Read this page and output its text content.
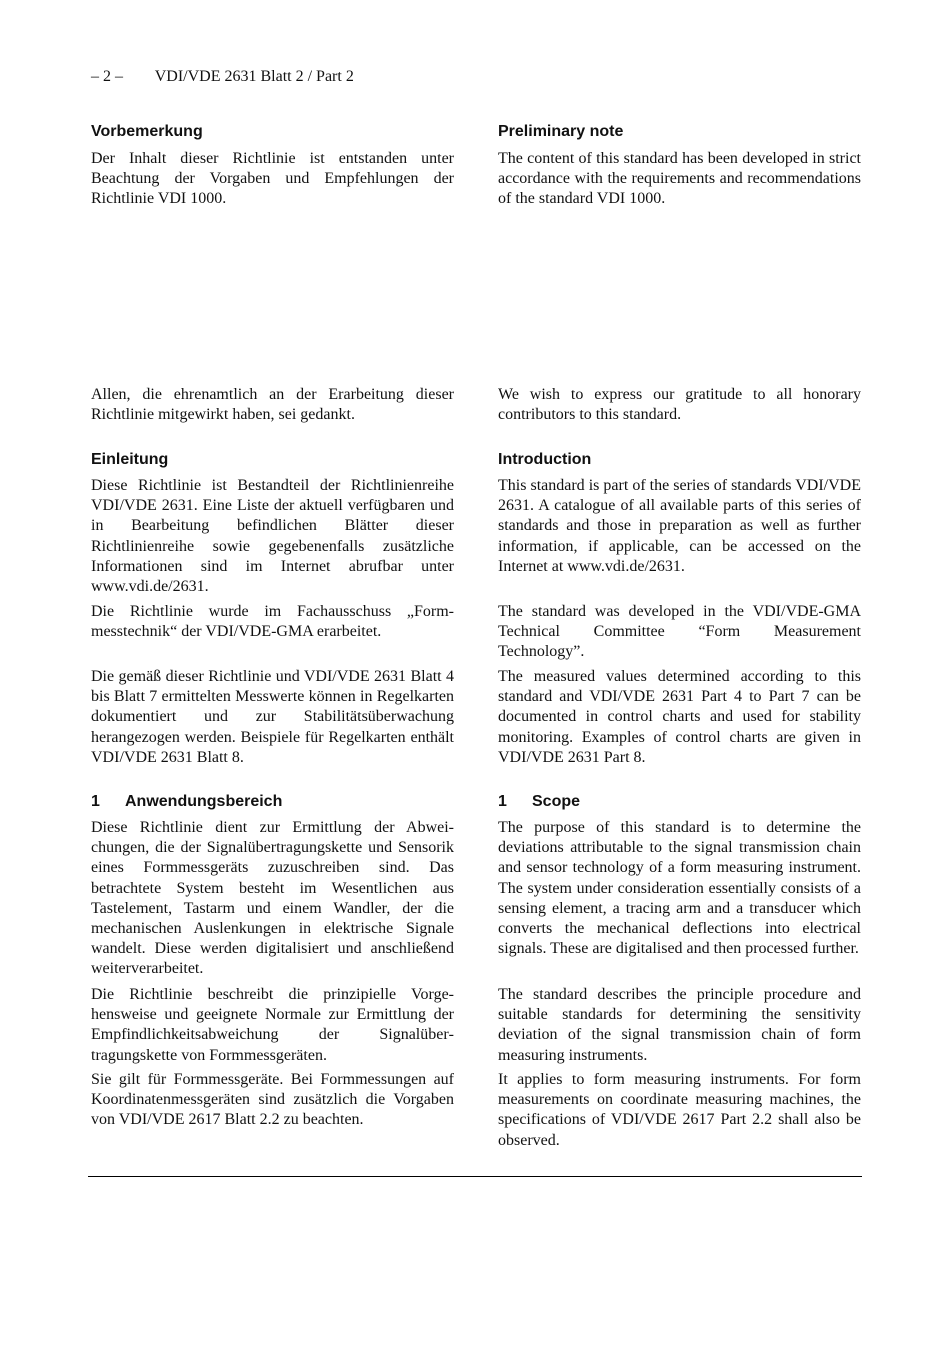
– 2 – VDI/VDE 2631 Blatt 2 / Part 2
Vorbemerkung

Der Inhalt dieser Richtlinie ist entstanden unter Beachtung der Vorgaben und Empfehlungen der Richtlinie VDI 1000.

Allen, die ehrenamtlich an der Erarbeitung dieser Richtlinie mitgewirkt haben, sei gedankt.

Einleitung

Diese Richtlinie ist Bestandteil der Richtlinienreihe VDI/VDE 2631. Eine Liste der aktuell verfügbaren und in Bearbeitung befindlichen Blätter dieser Richtlinienreihe sowie gegebenenfalls zusätzliche Informationen sind im Internet abrufbar unter www.vdi.de/2631.

Die Richtlinie wurde im Fachausschuss „Formmesstechnik“ der VDI/VDE-GMA erarbeitet.

Die gemäß dieser Richtlinie und VDI/VDE 2631 Blatt 4 bis Blatt 7 ermittelten Messwerte können in Regelkarten dokumentiert und zur Stabilitätsüberwachung herangezogen werden. Beispiele für Regelkarten enthält VDI/VDE 2631 Blatt 8.

1 Anwendungsbereich

Diese Richtlinie dient zur Ermittlung der Abweichungen, die der Signalübertragungskette und Sensorik eines Formmessgeräts zuzuschreiben sind. Das betrachtete System besteht im Wesentlichen aus Tastelement, Tastarm und einem Wandler, der die mechanischen Auslenkungen in elektrische Signale wandelt. Diese werden digitalisiert und anschließend weiterverarbeitet.

Die Richtlinie beschreibt die prinzipielle Vorgehensweise und geeignete Normale zur Ermittlung der Empfindlichkeitsabweichung der Signalübertragungskette von Formmessgeräten.

Sie gilt für Formmessgeräte. Bei Formmessungen auf Koordinatenmessgeräten sind zusätzlich die Vorgaben von VDI/VDE 2617 Blatt 2.2 zu beachten.

Preliminary note

The content of this standard has been developed in strict accordance with the requirements and recommendations of the standard VDI 1000.

We wish to express our gratitude to all honorary contributors to this standard.

Introduction

This standard is part of the series of standards VDI/VDE 2631. A catalogue of all available parts of this series of standards and those in preparation as well as further information, if applicable, can be accessed on the Internet at www.vdi.de/2631.

The standard was developed in the VDI/VDE-GMA Technical Committee “Form Measurement Technology”.

The measured values determined according to this standard and VDI/VDE 2631 Part 4 to Part 7 can be documented in control charts and used for stability monitoring. Examples of control charts are given in VDI/VDE 2631 Part 8.

1 Scope

The purpose of this standard is to determine the deviations attributable to the signal transmission chain and sensor technology of a form measuring instrument. The system under consideration essentially consists of a sensing element, a tracing arm and a transducer which converts the mechanical deflections into electrical signals. These are digitalised and then processed further.

The standard describes the principle procedure and suitable standards for determining the sensitivity deviation of the signal transmission chain of form measuring instruments.

It applies to form measuring instruments. For form measurements on coordinate measuring machines, the specifications of VDI/VDE 2617 Part 2.2 shall also be observed.
